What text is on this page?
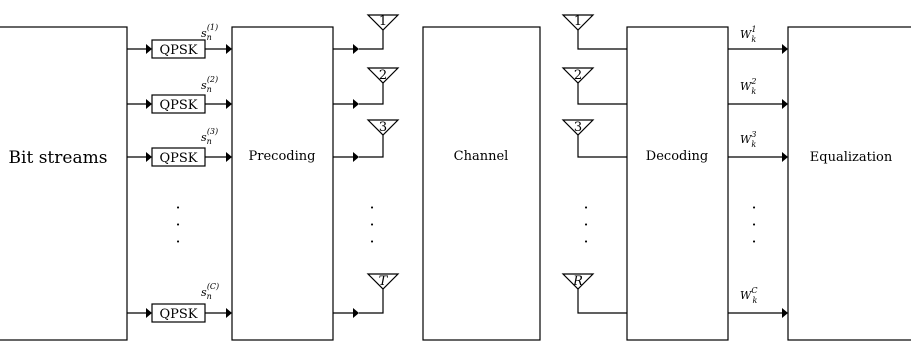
Bit streams	Precoding	Channel	Decoding	Equalization
QPSK
$s_n(1)$
QPSK
$s_n(2)$
QPSK
$s_n(3)$
QPSK
$s_n(C)$
·
·
·
1
2
3
T
·
·
·
1
2
3
R
·
·
·
$W^1$ k
$W^2$ k
$W^3$ k
$W^C$ k
·
·
·
